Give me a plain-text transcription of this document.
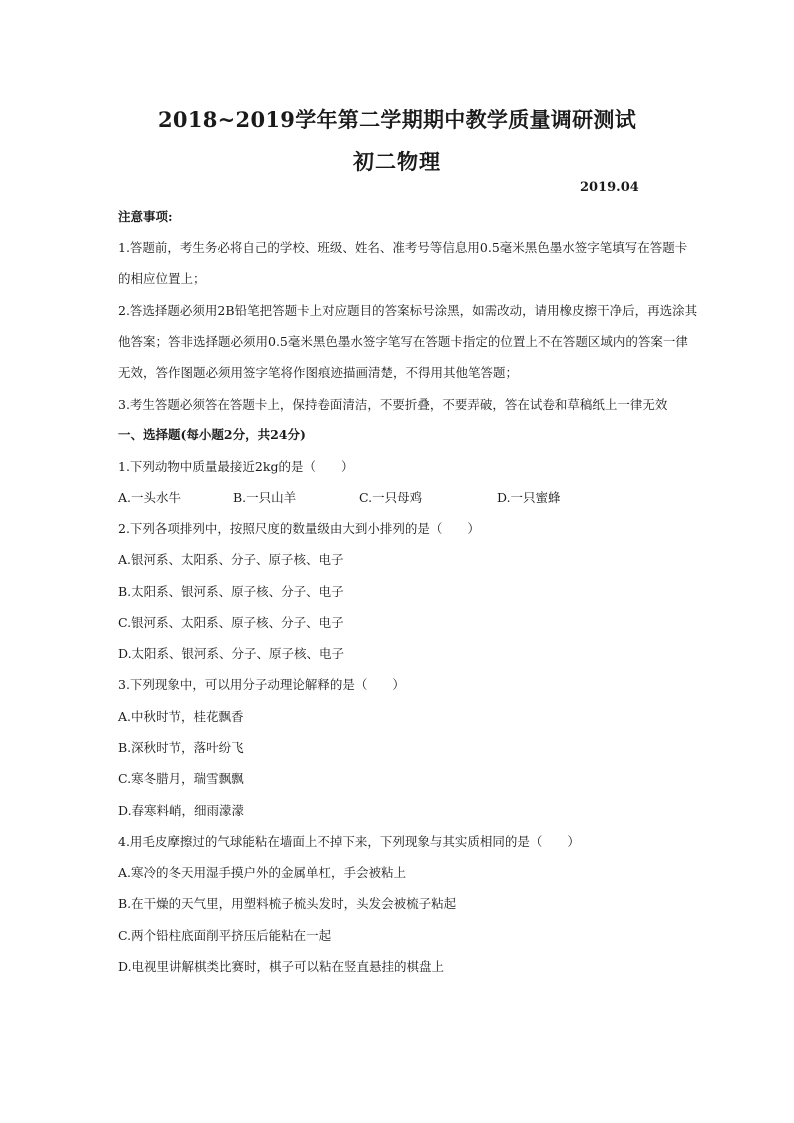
2018~2019学年第二学期期中教学质量调研测试
初二物理
2019.04
注意事项:
1.答题前，考生务必将自己的学校、班级、姓名、准考号等信息用0.5毫米黑色墨水签字笔填写在答题卡
的相应位置上；
2.答选择题必须用2B铅笔把答题卡上对应题目的答案标号涂黑，如需改动，请用橡皮擦干净后，再选涂其
他答案；答非选择题必须用0.5毫米黑色墨水签字笔写在答题卡指定的位置上不在答题区域内的答案一律
无效，答作图题必须用签字笔将作图痕迹描画清楚，不得用其他笔答题；
3.考生答题必须答在答题卡上，保持卷面清洁，不要折叠，不要弄破，答在试卷和草稿纸上一律无效
一、选择题(每小题2分，共24分)
1.下列动物中质量最接近2kg的是（　　）
A.一头水牛	B.一只山羊	C.一只母鸡	D.一只蜜蜂
2.下列各项排列中，按照尺度的数量级由大到小排列的是（　　）
A.银河系、太阳系、分子、原子核、电子
B.太阳系、银河系、原子核、分子、电子
C.银河系、太阳系、原子核、分子、电子
D.太阳系、银河系、分子、原子核、电子
3.下列现象中，可以用分子动理论解释的是（　　）
A.中秋时节，桂花飘香
B.深秋时节，落叶纷飞
C.寒冬腊月，瑞雪飘飘
D.春寒料峭，细雨濛濛
4.用毛皮摩擦过的气球能粘在墙面上不掉下来，下列现象与其实质相同的是（　　）
A.寒冷的冬天用湿手摸户外的金属单杠，手会被粘上
B.在干燥的天气里，用塑料梳子梳头发时，头发会被梳子粘起
C.两个铅柱底面削平挤压后能粘在一起
D.电视里讲解棋类比赛时，棋子可以粘在竖直悬挂的棋盘上
